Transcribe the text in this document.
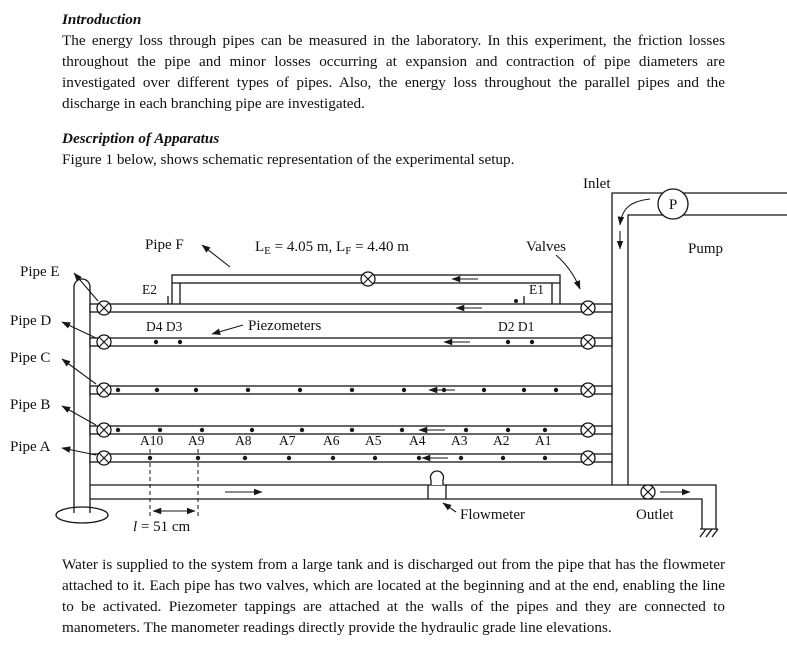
Introduction

The energy loss through pipes can be measured in the laboratory. In this experiment, the friction losses throughout the pipe and minor losses occurring at expansion and contraction of pipe diameters are investigated over different types of pipes. Also, the energy loss throughout the parallel pipes and the discharge in each branching pipe are investigated.

Description of Apparatus

Figure 1 below, shows schematic representation of the experimental setup.

P
l = 51 cm
Inlet
Pump
Valves
Pipe F	$L_E = 4.05$ m, $L_F = 4.40$ m
Pipe E
Pipe D
Pipe C
Pipe B
Pipe A
E2	E1
D4 D3	D2 D1
Piezometers
A10 A9 A8 A7 A6 A5 A4 A3 A2 A1
Flowmeter	Outlet

Water is supplied to the system from a large tank and is discharged out from the pipe that has the flowmeter attached to it. Each pipe has two valves, which are located at the beginning and at the end, enabling the line to be activated. Piezometer tappings are attached at the walls of the pipes and they are connected to manometers. The manometer readings directly provide the hydraulic grade line elevations.
